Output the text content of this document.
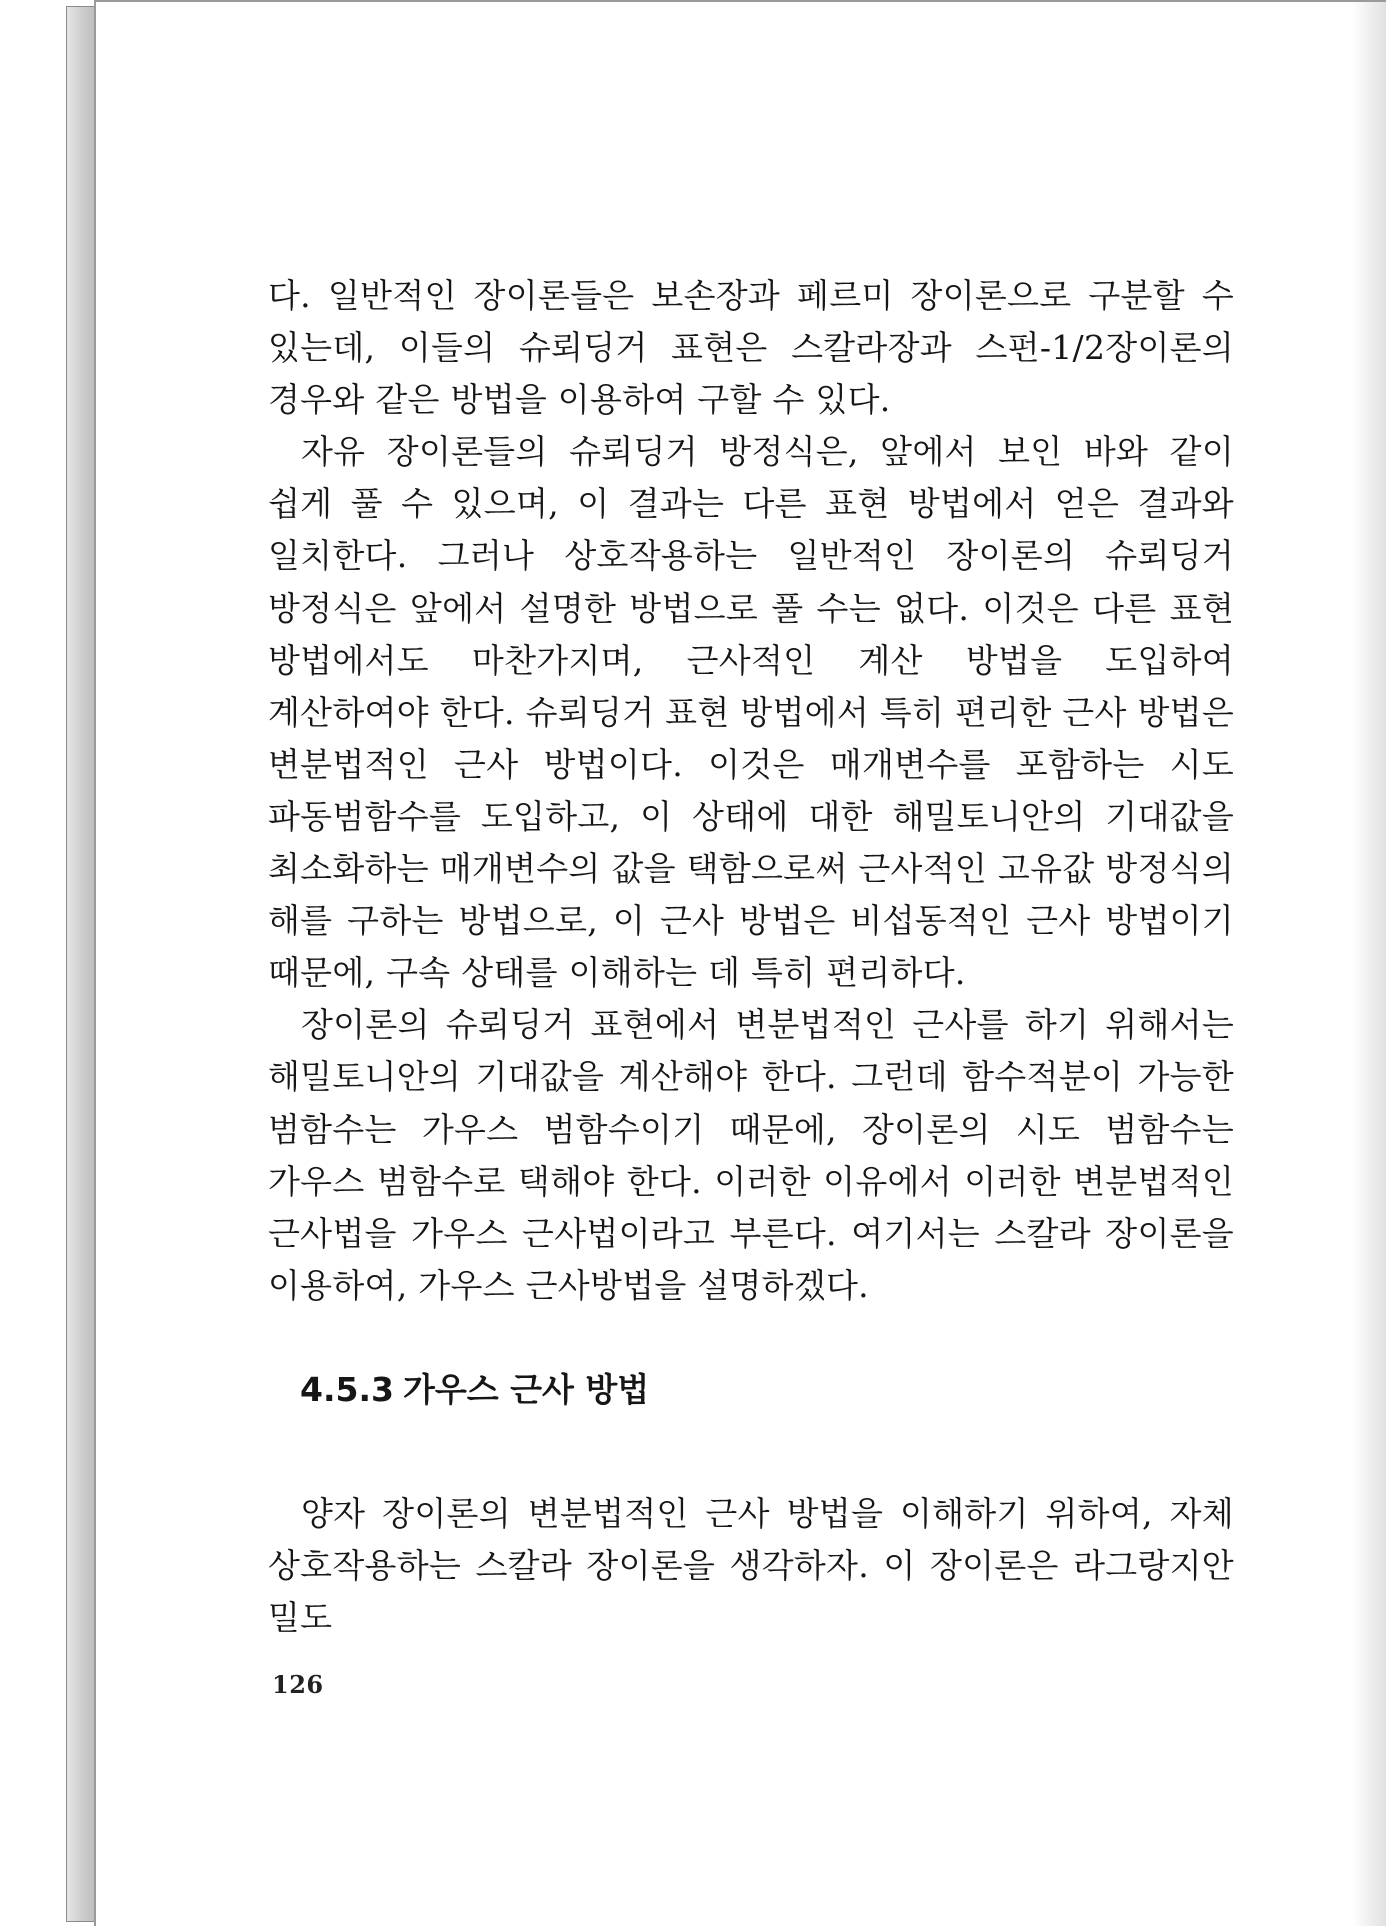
다. 일반적인 장이론들은 보손장과 페르미 장이론으로 구분할 수 있는데, 이들의 슈뢰딩거 표현은 스칼라장과 스펀-1/2장이론의 경우와 같은 방법을 이용하여 구할 수 있다.

자유 장이론들의 슈뢰딩거 방정식은, 앞에서 보인 바와 같이 쉽게 풀 수 있으며, 이 결과는 다른 표현 방법에서 얻은 결과와 일치한다. 그러나 상호작용하는 일반적인 장이론의 슈뢰딩거 방정식은 앞에서 설명한 방법으로 풀 수는 없다. 이것은 다른 표현 방법에서도 마찬가지며, 근사적인 계산 방법을 도입하여 계산하여야 한다. 슈뢰딩거 표현 방법에서 특히 편리한 근사 방법은 변분법적인 근사 방법이다. 이것은 매개변수를 포함하는 시도 파동범함수를 도입하고, 이 상태에 대한 해밀토니안의 기대값을 최소화하는 매개변수의 값을 택함으로써 근사적인 고유값 방정식의 해를 구하는 방법으로, 이 근사 방법은 비섭동적인 근사 방법이기 때문에, 구속 상태를 이해하는 데 특히 편리하다.

장이론의 슈뢰딩거 표현에서 변분법적인 근사를 하기 위해서는 해밀토니안의 기대값을 계산해야 한다. 그런데 함수적분이 가능한 범함수는 가우스 범함수이기 때문에, 장이론의 시도 범함수는 가우스 범함수로 택해야 한다. 이러한 이유에서 이러한 변분법적인 근사법을 가우스 근사법이라고 부른다. 여기서는 스칼라 장이론을 이용하여, 가우스 근사방법을 설명하겠다.

4.5.3 가우스 근사 방법

양자 장이론의 변분법적인 근사 방법을 이해하기 위하여, 자체 상호작용하는 스칼라 장이론을 생각하자. 이 장이론은 라그랑지안 밀도

126
